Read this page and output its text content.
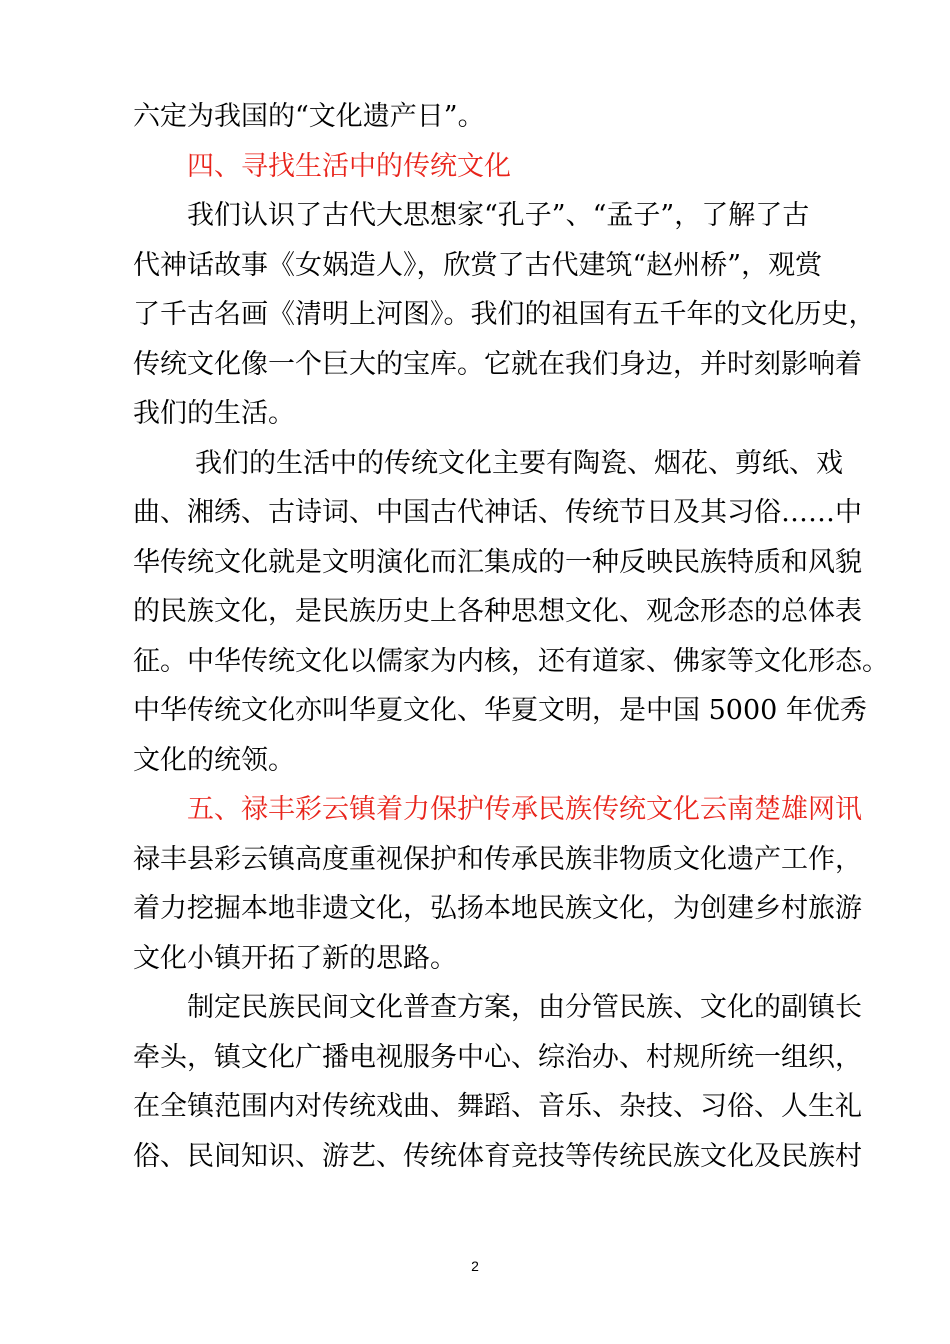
六定为我国的“文化遗产日”。
四、寻找生活中的传统文化
我们认识了古代大思想家“孔子”、“孟子”，了解了古
代神话故事《女娲造人》，欣赏了古代建筑“赵州桥”，观赏
了千古名画《清明上河图》。我们的祖国有五千年的文化历史，
传统文化像一个巨大的宝库。它就在我们身边，并时刻影响着
我们的生活。
我们的生活中的传统文化主要有陶瓷、烟花、剪纸、戏
曲、湘绣、古诗词、中国古代神话、传统节日及其习俗……中
华传统文化就是文明演化而汇集成的一种反映民族特质和风貌
的民族文化，是民族历史上各种思想文化、观念形态的总体表
征。中华传统文化以儒家为内核，还有道家、佛家等文化形态。
中华传统文化亦叫华夏文化、华夏文明，是中国 5000 年优秀
文化的统领。
五、禄丰彩云镇着力保护传承民族传统文化云南楚雄网讯
禄丰县彩云镇高度重视保护和传承民族非物质文化遗产工作，
着力挖掘本地非遗文化，弘扬本地民族文化，为创建乡村旅游
文化小镇开拓了新的思路。
制定民族民间文化普查方案，由分管民族、文化的副镇长
牵头，镇文化广播电视服务中心、综治办、村规所统一组织，
在全镇范围内对传统戏曲、舞蹈、音乐、杂技、习俗、人生礼
俗、民间知识、游艺、传统体育竞技等传统民族文化及民族村
2
